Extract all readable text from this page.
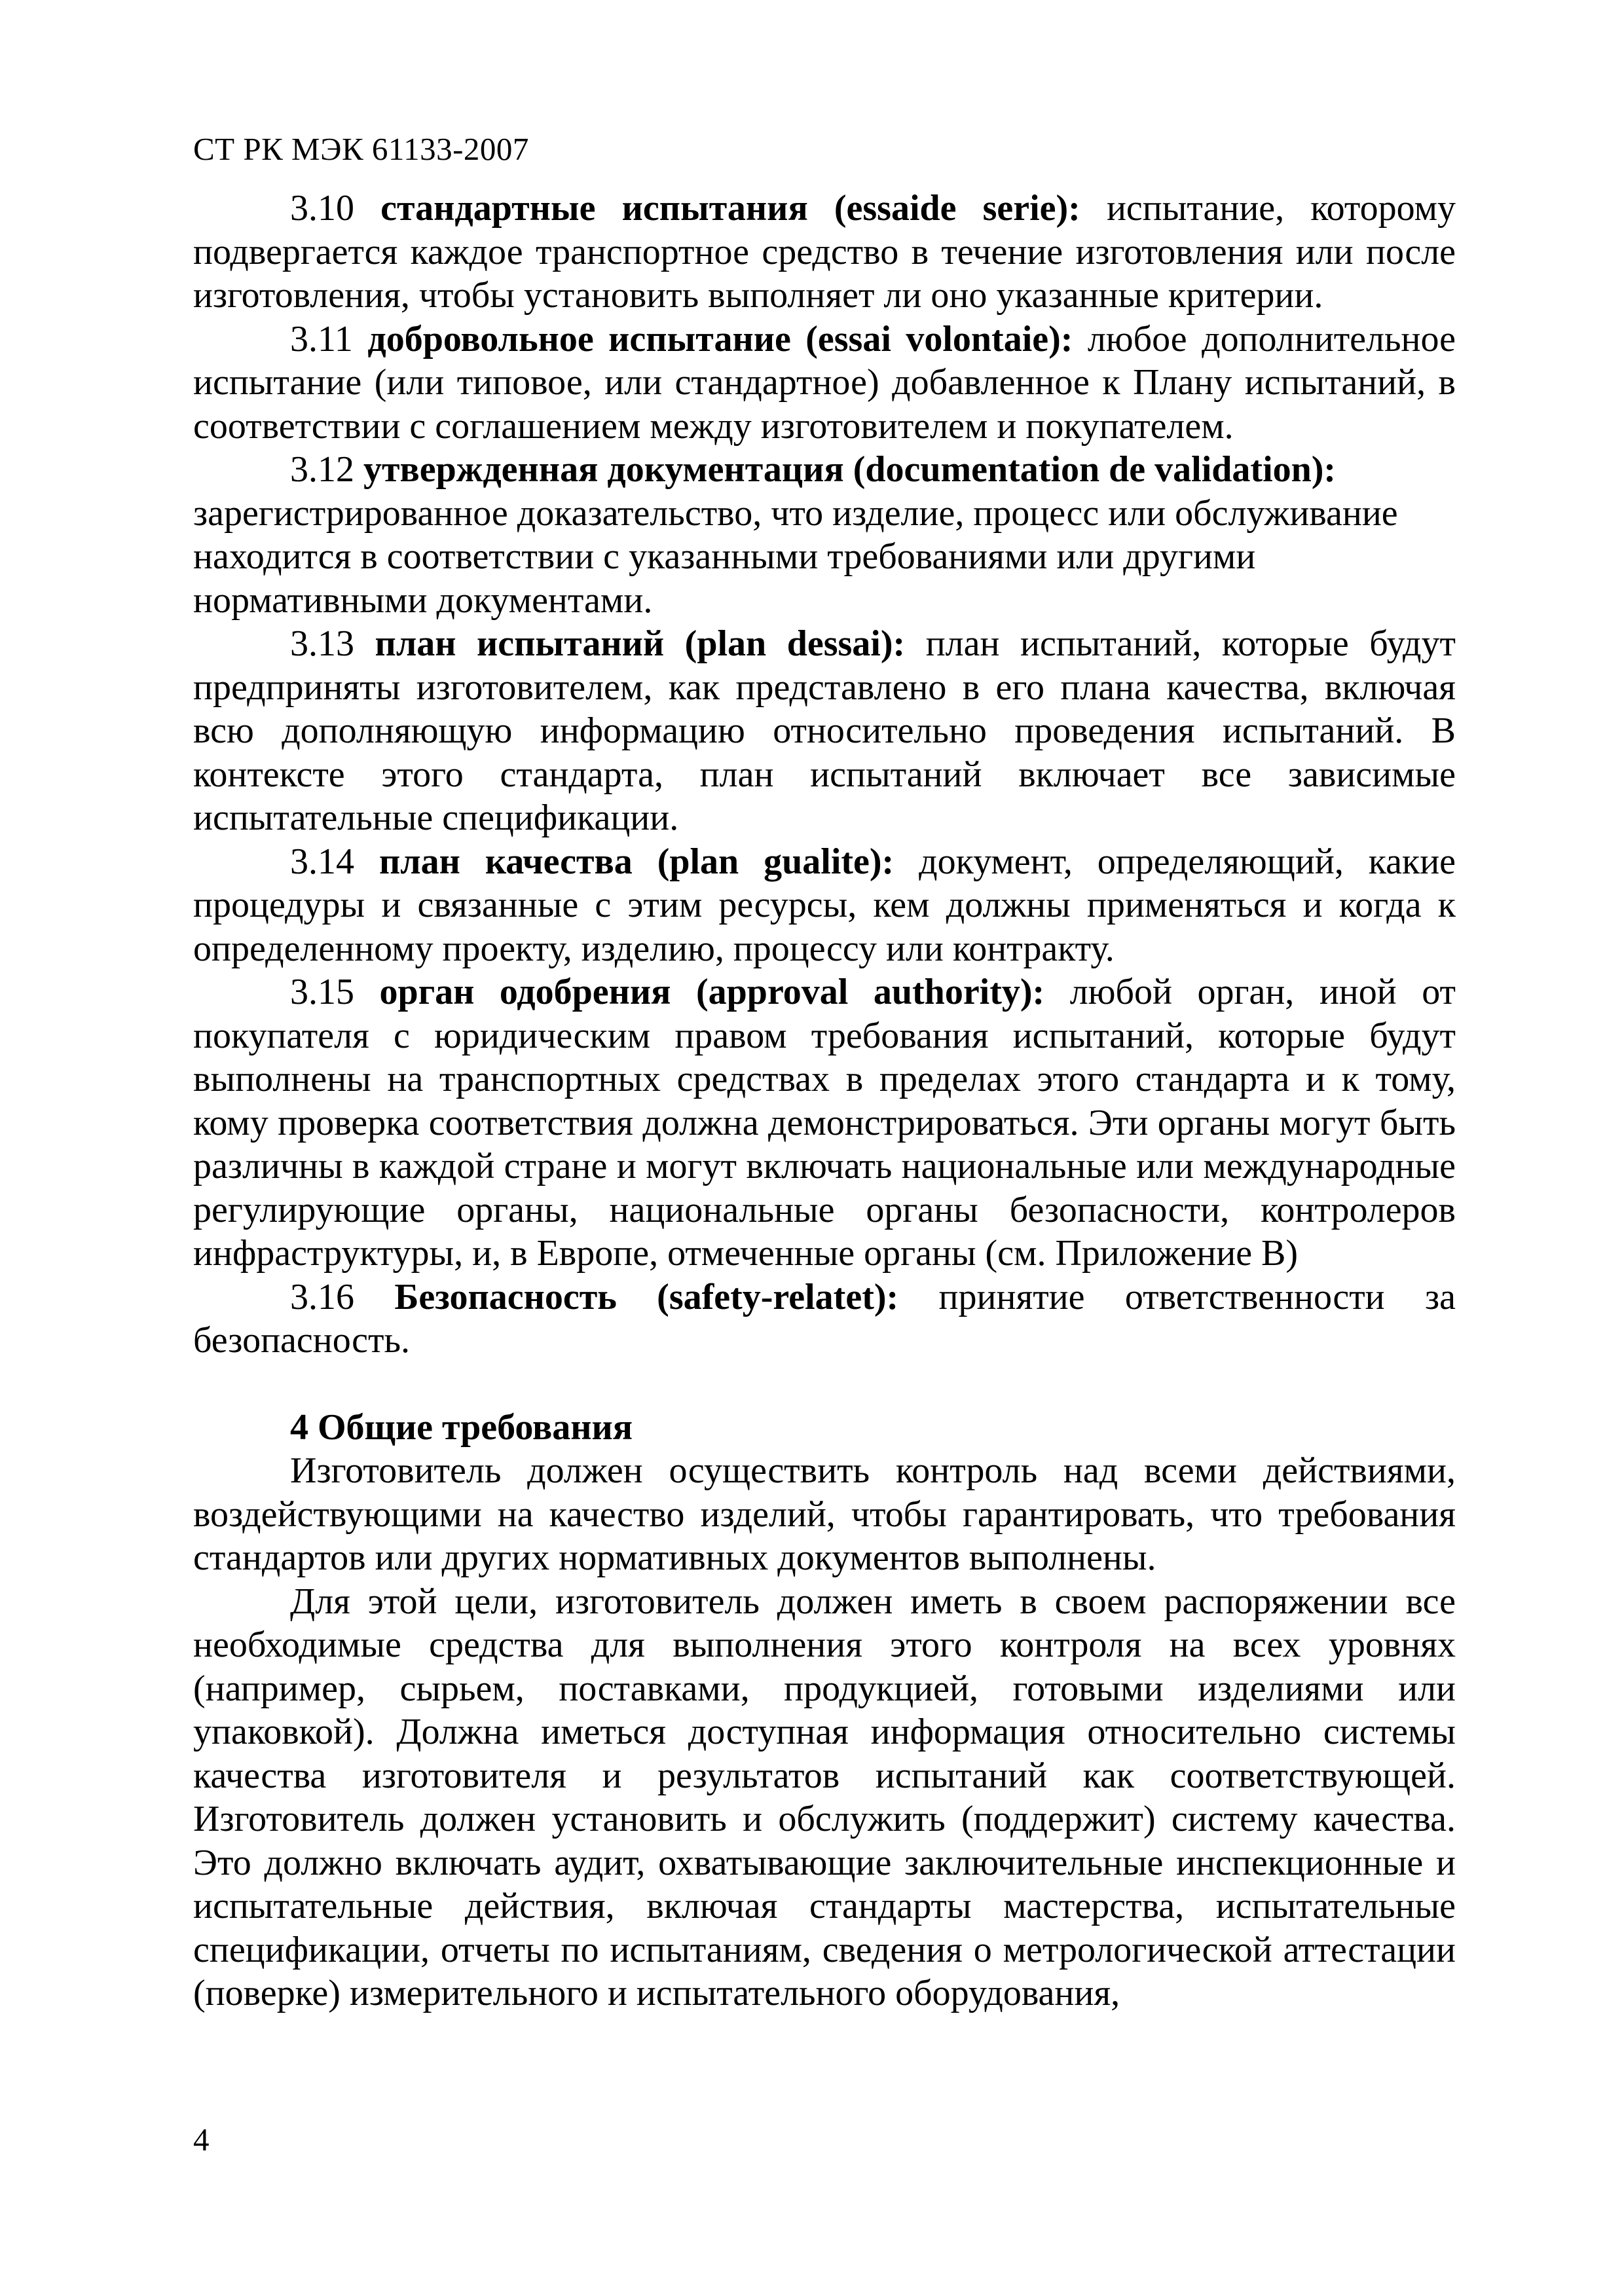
СТ РК МЭК 61133-2007

3.10 стандартные испытания (essaide serie): испытание, которому подвергается каждое транспортное средство в течение изготовления или после изготовления, чтобы установить выполняет ли оно указанные критерии.

3.11 добровольное испытание (essai volontaie): любое дополнительное испытание (или типовое, или стандартное) добавленное к Плану испытаний, в соответствии с соглашением между изготовителем и покупателем.

3.12 утвержденная документация (documentation de validation): зарегистрированное доказательство, что изделие, процесс или обслуживание находится в соответствии с указанными требованиями или другими нормативными документами.

3.13 план испытаний (plan dessai): план испытаний, которые будут предприняты изготовителем, как представлено в его плана качества, включая всю дополняющую информацию относительно проведения испытаний. В контексте этого стандарта, план испытаний включает все зависимые испытательные спецификации.

3.14 план качества (plan gualite): документ, определяющий, какие процедуры и связанные с этим ресурсы, кем должны применяться и когда к определенному проекту, изделию, процессу или контракту.

3.15 орган одобрения (approval authority): любой орган, иной от покупателя с юридическим правом требования испытаний, которые будут выполнены на транспортных средствах в пределах этого стандарта и к тому, кому проверка соответствия должна демонстрироваться. Эти органы могут быть различны в каждой стране и могут включать национальные или международные регулирующие органы, национальные органы безопасности, контролеров инфраструктуры, и, в Европе, отмеченные органы (см. Приложение В)

3.16 Безопасность (safety-relatet): принятие ответственности за безопасность.

4 Общие требования

Изготовитель должен осуществить контроль над всеми действиями, воздействующими на качество изделий, чтобы гарантировать, что требования стандартов или других нормативных документов выполнены.

Для этой цели, изготовитель должен иметь в своем распоряжении все необходимые средства для выполнения этого контроля на всех уровнях (например, сырьем, поставками, продукцией, готовыми изделиями или упаковкой). Должна иметься доступная информация относительно системы качества изготовителя и результатов испытаний как соответствующей. Изготовитель должен установить и обслужить (поддержит) систему качества. Это должно включать аудит, охватывающие заключительные инспекционные и испытательные действия, включая стандарты мастерства, испытательные спецификации, отчеты по испытаниям, сведения о метрологической аттестации (поверке) измерительного и испытательного оборудования,

4
